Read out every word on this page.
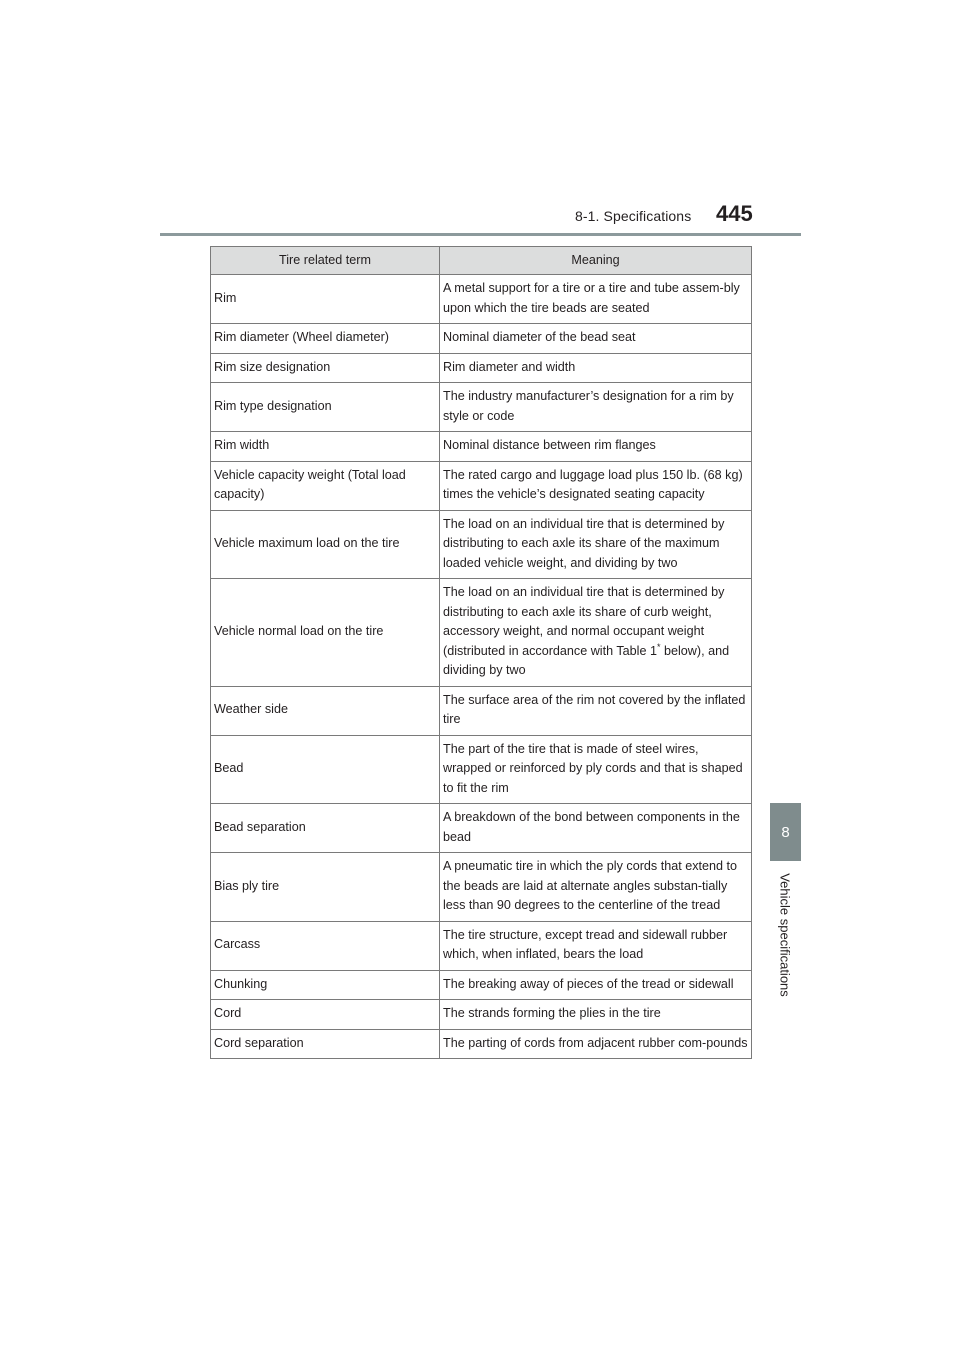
8-1. Specifications 445
8
Vehicle specifications
Tire related term	Meaning
Rim	A metal support for a tire or a tire and tube assem-bly upon which the tire beads are seated
Rim diameter (Wheel diameter)	Nominal diameter of the bead seat
Rim size designation	Rim diameter and width
Rim type designation	The industry manufacturer’s designation for a rim by style or code
Rim width	Nominal distance between rim flanges
Vehicle capacity weight (Total load capacity)	The rated cargo and luggage load plus 150 lb. (68 kg) times the vehicle’s designated seating capacity
Vehicle maximum load on the tire	The load on an individual tire that is determined by distributing to each axle its share of the maximum loaded vehicle weight, and dividing by two
Vehicle normal load on the tire	The load on an individual tire that is determined by distributing to each axle its share of curb weight, accessory weight, and normal occupant weight (distributed in accordance with Table 1* below), and dividing by two
Weather side	The surface area of the rim not covered by the inflated tire
Bead	The part of the tire that is made of steel wires, wrapped or reinforced by ply cords and that is shaped to fit the rim
Bead separation	A breakdown of the bond between components in the bead
Bias ply tire	A pneumatic tire in which the ply cords that extend to the beads are laid at alternate angles substan-tially less than 90 degrees to the centerline of the tread
Carcass	The tire structure, except tread and sidewall rubber which, when inflated, bears the load
Chunking	The breaking away of pieces of the tread or sidewall
Cord	The strands forming the plies in the tire
Cord separation	The parting of cords from adjacent rubber com-pounds
